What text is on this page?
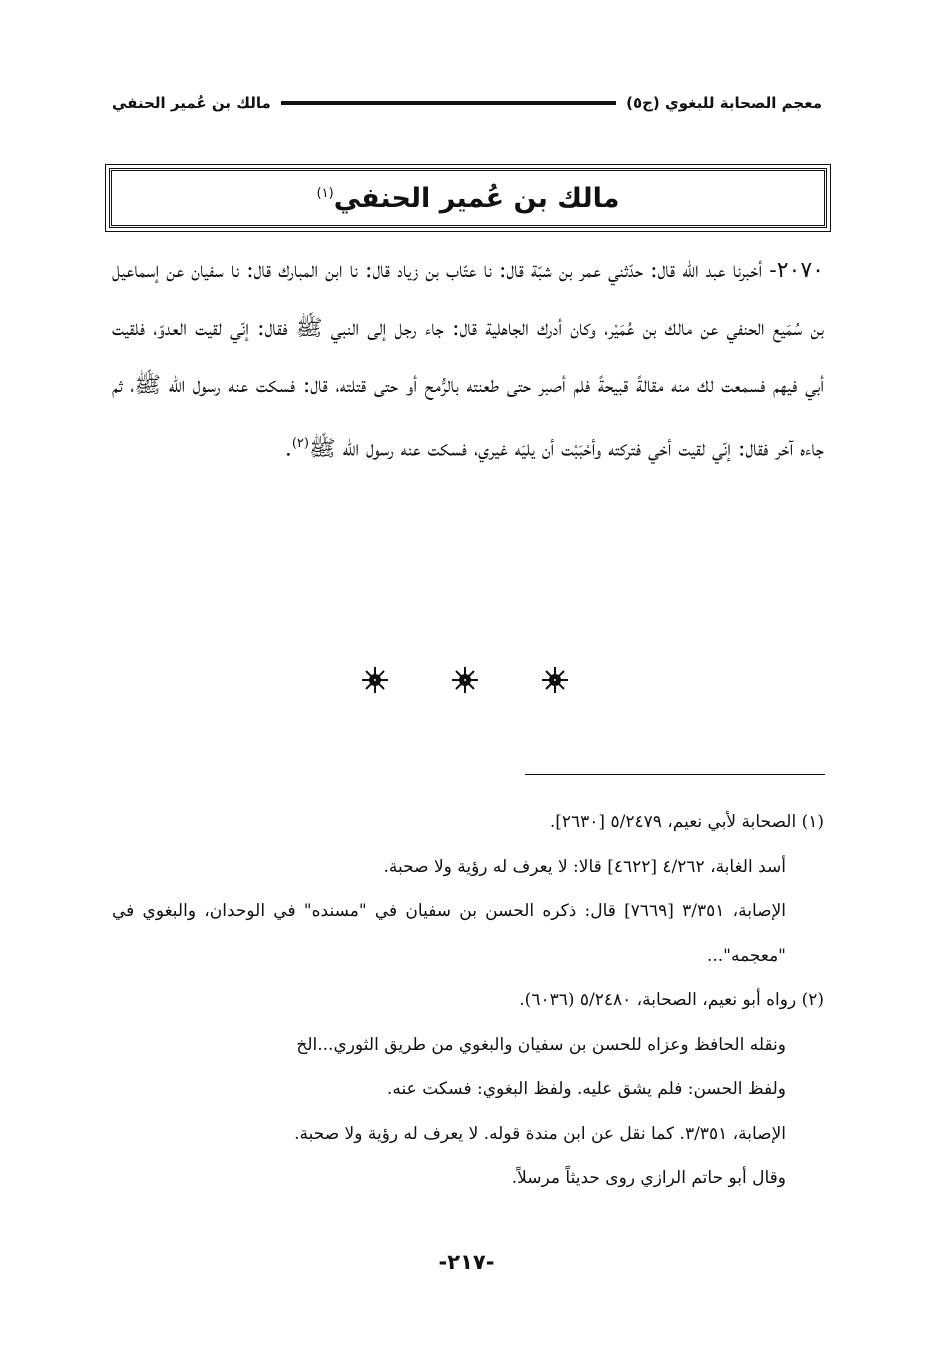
معجم الصحابة للبغوي (ج٥)
مالك بن عُمير الحنفي
مالك بن عُمير الحنفي$^{(١)}$
٢٠٧٠- أخبرنا عبد الله قال: حدّثني عمر بن شبّة قال: نا عتّاب بن زياد قال: نا ابن المبارك قال: نا سفيان عن إسماعيل بن سُمَيع الحنفي عن مالك بن عُمَيْر، وكان أدرك الجاهلية قال: جاء رجل إلى النبي ﷺ فقال: إنّي لقيت العدوّ، فلقيت أبي فيهم فسمعت لك منه مقالةً قبيحةً فلم أصبر حتى طعنته بالرُّمح أو حتى قتلته، قال: فسكت عنه رسول الله ﷺ، ثم جاءه آخر فقال: إنّي لقيت أخي فتركته وأحْبَبْت أن يليَه غيري، فسكت عنه رسول الله ﷺ$^{(٢)}$.

(١) الصحابة لأبي نعيم، ٥/٢٤٧٩ [٢٦٣٠].

أسد الغابة، ٤/٢٦٢ [٤٦٢٢] قالا: لا يعرف له رؤية ولا صحبة.

الإصابة، ٣/٣٥١ [٧٦٦٩] قال: ذكره الحسن بن سفيان في "مسنده" في الوحدان، والبغوي في "معجمه"...

(٢) رواه أبو نعيم، الصحابة، ٥/٢٤٨٠ (٦٠٣٦).

ونقله الحافظ وعزاه للحسن بن سفيان والبغوي من طريق الثوري...الخ

ولفظ الحسن: فلم يشق عليه. ولفظ البغوي: فسكت عنه.

الإصابة، ٣/٣٥١. كما نقل عن ابن مندة قوله. لا يعرف له رؤية ولا صحبة.

وقال أبو حاتم الرازي روى حديثاً مرسلاً.

-٢١٧-
